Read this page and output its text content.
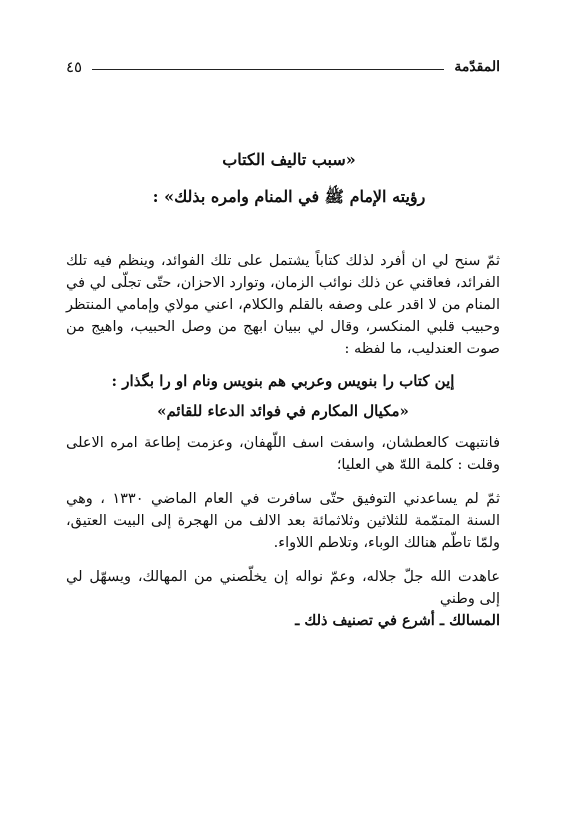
المقدّمة
٤٥
«سبب تاليف الكتاب
رؤيته الإمام ﷺ في المنام وامره بذلك» :

ثمّ سنح لي ان أفرد لذلك كتاباً يشتمل على تلك الفوائد، وينظم فيه تلك الفرائد، فعاقني عن ذلك نوائب الزمان، وتوارد الاحزان، حتّى تجلّى لي في المنام من لا اقدر على وصفه بالقلم والكلام، اعني مولاي وإمامي المنتظر وحبيب قلبي المنكسر، وقال لي ببيان ابهج من وصل الحبيب، واهيج من صوت العندليب، ما لفظه :

إين كتاب را بنويس وعربي هم بنويس ونام او را بگذار :
«مكيال المكارم في فوائد الدعاء للقائم»

فانتبهت كالعطشان، واسفت اسف اللّهفان، وعزمت إطاعة امره الاعلى وقلت : كلمة اللهّ هي العليا؛

ثمّ لم يساعدني التوفيق حتّى سافرت في العام الماضي ١٣٣٠ ، وهي السنة المتمّمة للثلاثين وثلاثمائة بعد الالف من الهجرة إلى البيت العتيق، ولمّا تاطّم هنالك الوباء، وتلاطم اللاواء.

عاهدت الله جلّ جلاله، وعمّ نواله إن يخلّصني من المهالك، ويسهّل لي إلى وطني

المسالك ـ أشرع في تصنيف ذلك ـ
